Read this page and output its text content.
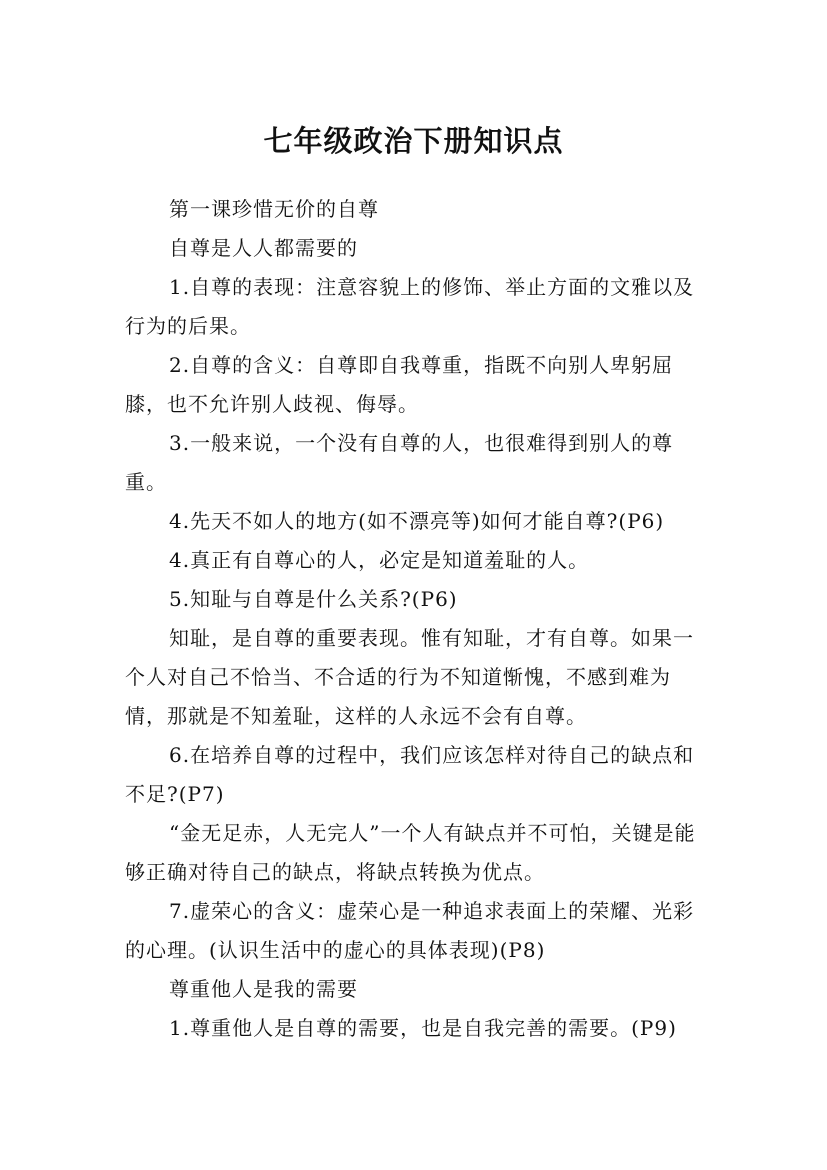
七年级政治下册知识点

第一课珍惜无价的自尊

自尊是人人都需要的

1.自尊的表现：注意容貌上的修饰、举止方面的文雅以及行为的后果。

2.自尊的含义：自尊即自我尊重，指既不向别人卑躬屈膝，也不允许别人歧视、侮辱。

3.一般来说，一个没有自尊的人，也很难得到别人的尊重。

4.先天不如人的地方(如不漂亮等)如何才能自尊?(P6)

4.真正有自尊心的人，必定是知道羞耻的人。

5.知耻与自尊是什么关系?(P6)

知耻，是自尊的重要表现。惟有知耻，才有自尊。如果一个人对自己不恰当、不合适的行为不知道惭愧，不感到难为情，那就是不知羞耻，这样的人永远不会有自尊。

6.在培养自尊的过程中，我们应该怎样对待自己的缺点和不足?(P7)

“金无足赤，人无完人”一个人有缺点并不可怕，关键是能够正确对待自己的缺点，将缺点转换为优点。

7.虚荣心的含义：虚荣心是一种追求表面上的荣耀、光彩的心理。(认识生活中的虚心的具体表现)(P8)

尊重他人是我的需要

1.尊重他人是自尊的需要，也是自我完善的需要。(P9)
